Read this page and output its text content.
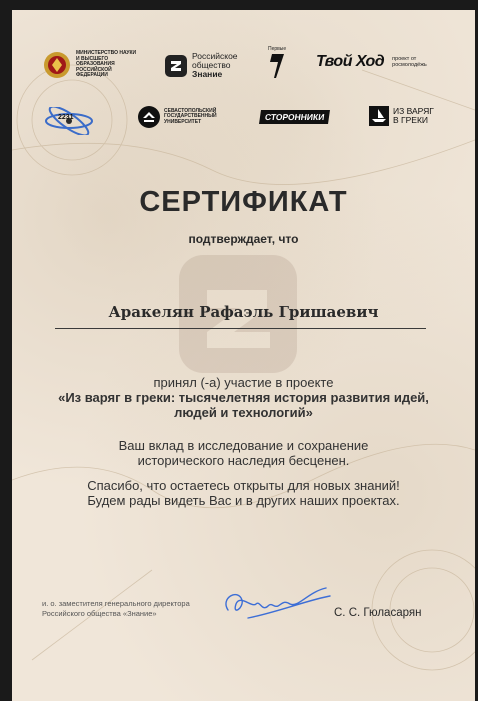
МИНИСТЕРСТВО НАУКИ И ВЫСШЕГО ОБРАЗОВАНИЯ РОССИЙСКОЙ ФЕДЕРАЦИИ
Российское
общество
Знание
Первые
Твой Ход проект от росмолодёжь
2231
СЕВАСТОПОЛЬСКИЙ ГОСУДАРСТВЕННЫЙ УНИВЕРСИТЕТ	СТОРОННИКИ
ИЗ ВАРЯГ
В ГРЕКИ
СЕРТИФИКАТ
подтверждает, что
Аракелян Рафаэль Гришаевич
принял (-а) участие в проекте
«Из варяг в греки: тысячелетняя история развития идей,
людей и технологий»
Ваш вклад в исследование и сохранение
исторического наследия бесценен.
Спасибо, что остаетесь открыты для новых знаний!
Будем рады видеть Вас и в других наших проектах.
и. о. заместителя генерального директора
Российского общества «Знание»	С. С. Гюласарян
